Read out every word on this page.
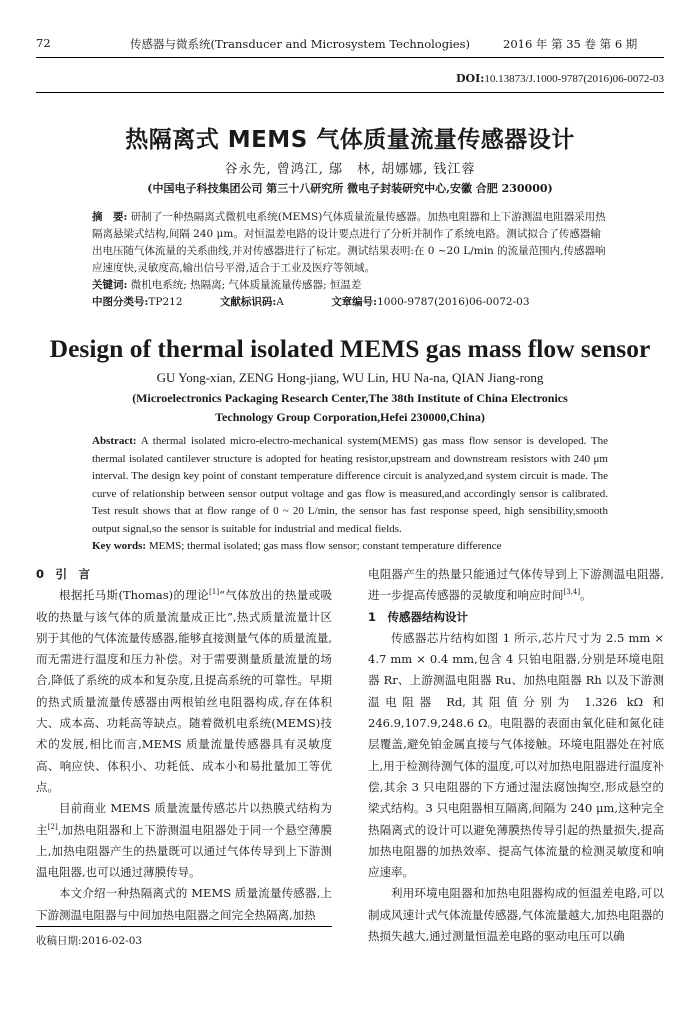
72	传感器与微系统(Transducer and Microsystem Technologies)	2016 年 第 35 卷 第 6 期
DOI:10.13873/J.1000-9787(2016)06-0072-03
热隔离式 MEMS 气体质量流量传感器设计
谷永先, 曾鸿江, 鄔　林, 胡娜娜, 钱江蓉
(中国电子科技集团公司 第三十八研究所 微电子封装研究中心,安徽 合肥 230000)
摘　要: 研制了一种热隔离式微机电系统(MEMS)气体质量流量传感器。加热电阻器和上下游测温电阻器采用热隔离悬梁式结构,间隔 240 μm。对恒温差电路的设计要点进行了分析并制作了系统电路。测试拟合了传感器输出电压随气体流量的关系曲线,并对传感器进行了标定。测试结果表明:在 0 ~20 L/min 的流量范围内,传感器响应速度快,灵敏度高,输出信号平滑,适合于工业及医疗等领域。
关键词: 微机电系统; 热隔离; 气体质量流量传感器; 恒温差
中图分类号:TP212	文献标识码:A	文章编号:1000-9787(2016)06-0072-03
Design of thermal isolated MEMS gas mass flow sensor
GU Yong-xian, ZENG Hong-jiang, WU Lin, HU Na-na, QIAN Jiang-rong
(Microelectronics Packaging Research Center,The 38th Institute of China Electronics
Technology Group Corporation,Hefei 230000,China)
Abstract: A thermal isolated micro-electro-mechanical system(MEMS) gas mass flow sensor is developed. The thermal isolated cantilever structure is adopted for heating resistor,upstream and downstream resistors with 240 μm interval. The design key point of constant temperature difference circuit is analyzed,and system circuit is made. The curve of relationship between sensor output voltage and gas flow is measured,and accordingly sensor is calibrated. Test result shows that at flow range of 0 ~ 20 L/min, the sensor has fast response speed, high sensibility,smooth output signal,so the sensor is suitable for industrial and medical fields.
Key words: MEMS; thermal isolated; gas mass flow sensor; constant temperature difference
0　引　言

根据托马斯(Thomas)的理论[1]“气体放出的热量或吸收的热量与该气体的质量流量成正比”,热式质量流量计区别于其他的气体流量传感器,能够直接测量气体的质量流量,而无需进行温度和压力补偿。对于需要测量质量流量的场合,降低了系统的成本和复杂度,且提高系统的可靠性。早期的热式质量流量传感器由两根铂丝电阻器构成,存在体积大、成本高、功耗高等缺点。随着微机电系统(MEMS)技术的发展,相比而言,MEMS 质量流量传感器具有灵敏度高、响应快、体积小、功耗低、成本小和易批量加工等优点。

目前商业 MEMS 质量流量传感芯片以热膜式结构为主[2],加热电阻器和上下游测温电阻器处于同一个悬空薄膜上,加热电阻器产生的热量既可以通过气体传导到上下游测温电阻器,也可以通过薄膜传导。

本文介绍一种热隔离式的 MEMS 质量流量传感器,上下游测温电阻器与中间加热电阻器之间完全热隔离,加热

收稿日期:2016-02-03

电阻器产生的热量只能通过气体传导到上下游测温电阻器,进一步提高传感器的灵敏度和响应时间[3,4]。

1　传感器结构设计

传感器芯片结构如图 1 所示,芯片尺寸为 2.5 mm × 4.7 mm × 0.4 mm,包含 4 只铂电阻器,分别是环境电阻器 Rr、上游测温电阻器 Ru、加热电阻器 Rh 以及下游测温电阻器 Rd,其阻值分别为 1.326 kΩ 和 246.9,107.9,248.6 Ω。电阻器的表面由氧化硅和氮化硅层覆盖,避免铂金属直接与气体接触。环境电阻器处在衬底上,用于检测待测气体的温度,可以对加热电阻器进行温度补偿,其余 3 只电阻器的下方通过湿法腐蚀掏空,形成悬空的梁式结构。3 只电阻器相互隔离,间隔为 240 μm,这种完全热隔离式的设计可以避免薄膜热传导引起的热量损失,提高加热电阻器的加热效率、提高气体流量的检测灵敏度和响应速率。

利用环境电阻器和加热电阻器构成的恒温差电路,可以制成风速计式气体流量传感器,气体流量越大,加热电阻器的热损失越大,通过测量恒温差电路的驱动电压可以确
